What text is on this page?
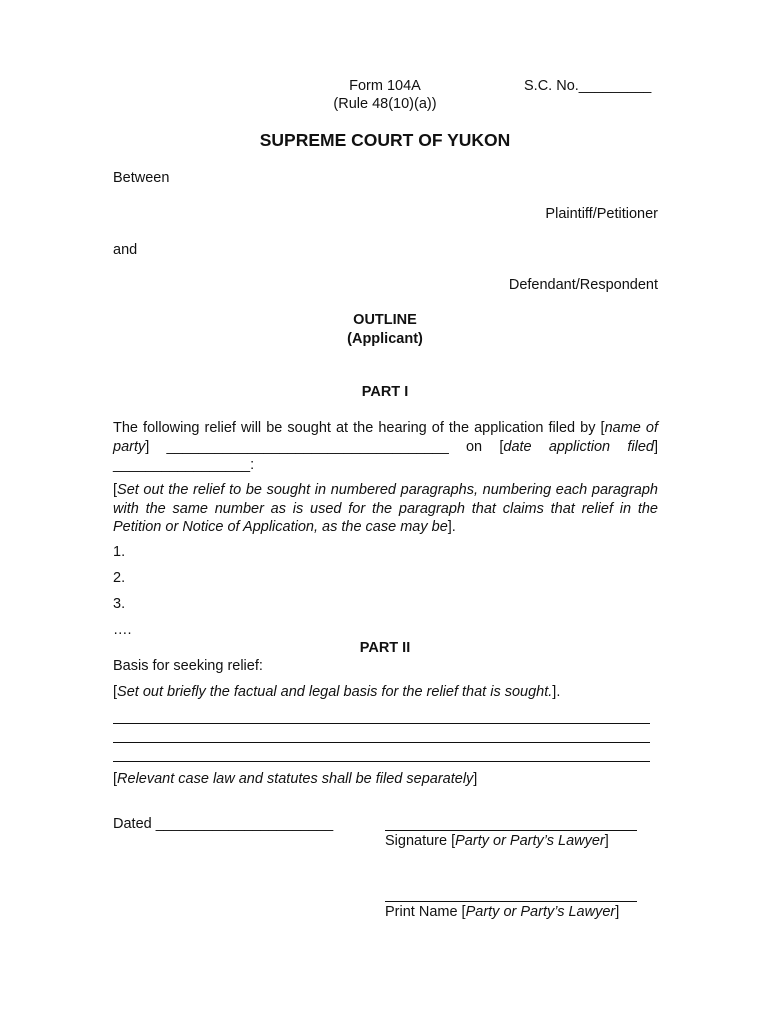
Form 104A
(Rule 48(10)(a))
S.C. No._________
SUPREME COURT OF YUKON
Between
Plaintiff/Petitioner
and
Defendant/Respondent
OUTLINE
(Applicant)
PART I
The following relief will be sought at the hearing of the application filed by [name of party] ___________________________________ on [date appliction filed] _________________:
[Set out the relief to be sought in numbered paragraphs, numbering each paragraph with the same number as is used for the paragraph that claims that relief in the Petition or Notice of Application, as the case may be].
1.
2.
3.
….
PART II
Basis for seeking relief:
[Set out briefly the factual and legal basis for the relief that is sought.].
[Relevant case law and statutes shall be filed separately]
Dated ______________________
Signature [Party or Party’s Lawyer]
Print Name [Party or Party’s Lawyer]
